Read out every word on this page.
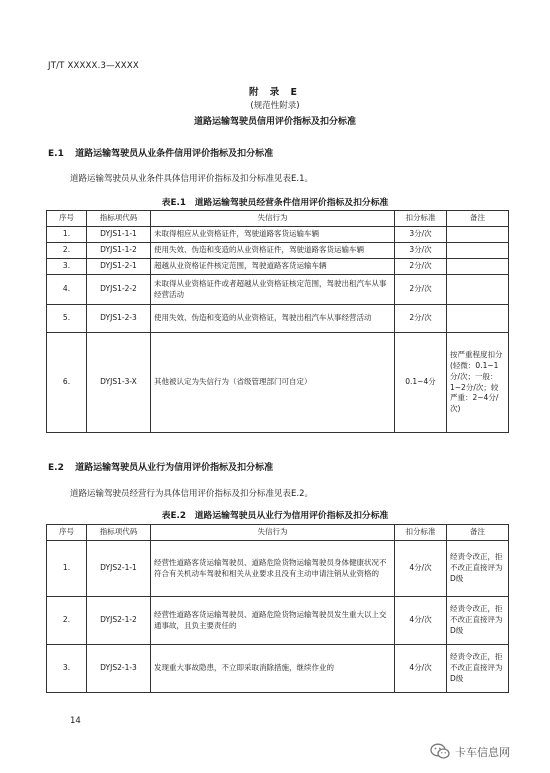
JT/T XXXXX.3—XXXX
附 录 E
(规范性附录)
道路运输驾驶员信用评价指标及扣分标准
E.1 道路运输驾驶员从业条件信用评价指标及扣分标准
道路运输驾驶员从业条件具体信用评价指标及扣分标准见表E.1。
表E.1　道路运输驾驶员经营条件信用评价指标及扣分标准
序号	指标项代码	失信行为	扣分标准	备注
1.	DYJS1-1-1	未取得相应从业资格证件，驾驶道路客货运输车辆	3分/次	
2.	DYJS1-1-2	使用失效、伪造和变造的从业资格证件，驾驶道路客货运输车辆	3分/次	
3.	DYJS1-2-1	超越从业资格证件核定范围，驾驶道路客货运输车辆	2分/次	
4.	DYJS1-2-2	未取得从业资格证件或者超越从业资格证核定范围，驾驶出租汽车从事经营活动	2分/次	
5.	DYJS1-2-3	使用失效、伪造和变造的从业资格证，驾驶出租汽车从事经营活动	2分/次	
6.	DYJS1-3-X	其他被认定为失信行为（省级管理部门可自定）	0.1~4分	按严重程度扣分(轻微：0.1~1分/次；一般：1~2分/次；较严重：2~4分/次)
E.2 道路运输驾驶员从业行为信用评价指标及扣分标准
道路运输驾驶员经营行为具体信用评价指标及扣分标准见表E.2。
表E.2　道路运输驾驶员从业行为信用评价指标及扣分标准
序号	指标项代码	失信行为	扣分标准	备注
1.	DYJS2-1-1	经营性道路客货运输驾驶员、道路危险货物运输驾驶员身体健康状况不符合有关机动车驾驶和相关从业要求且没有主动申请注销从业资格的	4分/次	经责令改正，拒不改正直接评为D级
2.	DYJS2-1-2	经营性道路客货运输驾驶员、道路危险货物运输驾驶员发生重大以上交通事故，且负主要责任的	4分/次	经责令改正，拒不改正直接评为D级
3.	DYJS2-1-3	发现重大事故隐患，不立即采取消除措施，继续作业的	4分/次	经责令改正，拒不改正直接评为D级
14
卡车信息网
